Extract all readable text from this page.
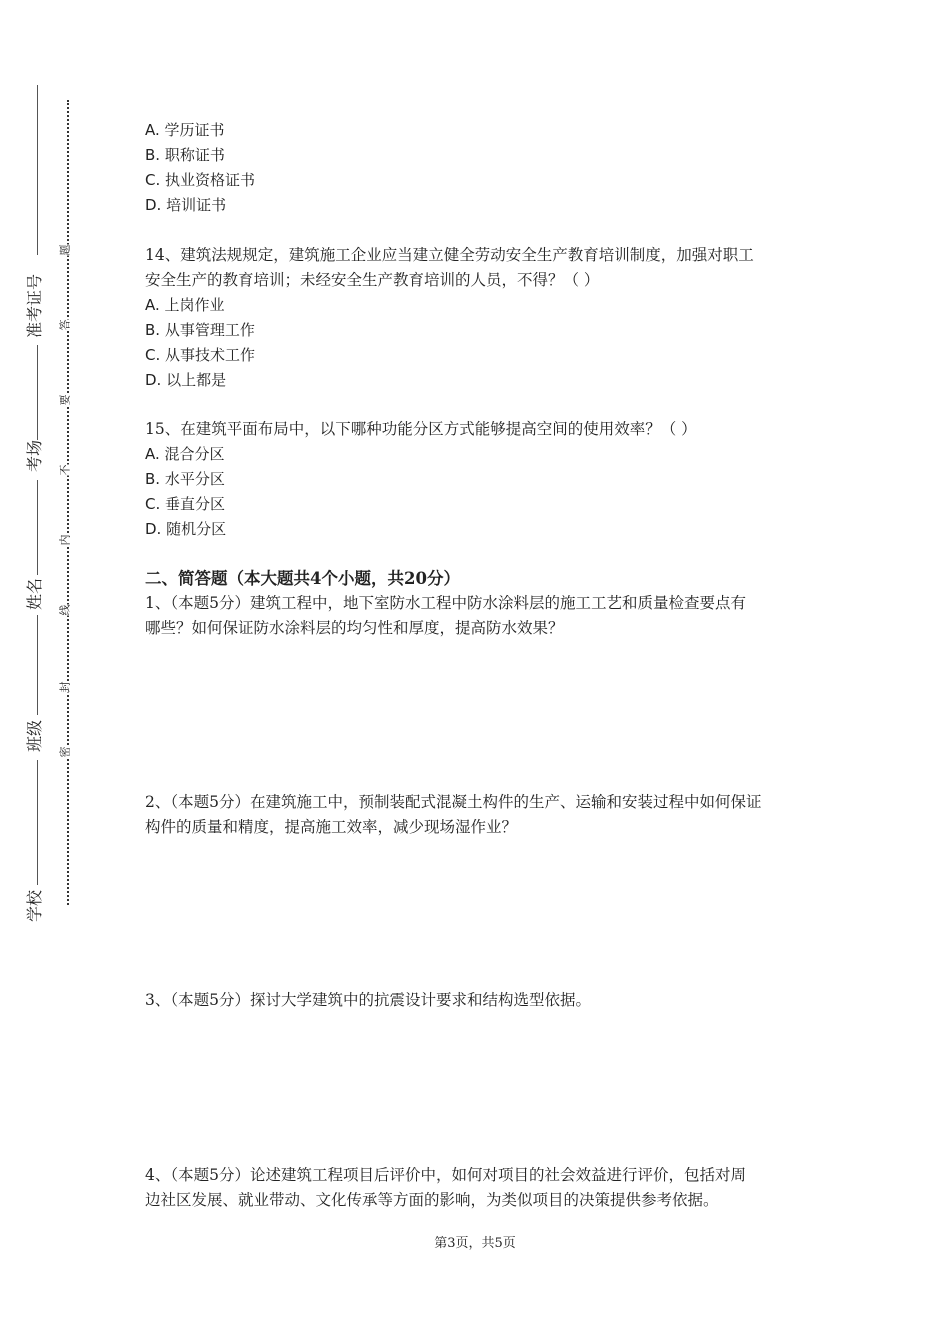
准考证号
考场
姓名
班级
学校
题
答
要
不
内
线
封
密
A. 学历证书
B. 职称证书
C. 执业资格证书
D. 培训证书
14、建筑法规规定，建筑施工企业应当建立健全劳动安全生产教育培训制度，加强对职工
安全生产的教育培训；未经安全生产教育培训的人员，不得？（ ）
A. 上岗作业
B. 从事管理工作
C. 从事技术工作
D. 以上都是
15、在建筑平面布局中，以下哪种功能分区方式能够提高空间的使用效率？（ ）
A. 混合分区
B. 水平分区
C. 垂直分区
D. 随机分区
二、简答题（本大题共4个小题，共20分）
1、（本题5分）建筑工程中，地下室防水工程中防水涂料层的施工工艺和质量检查要点有
哪些？如何保证防水涂料层的均匀性和厚度，提高防水效果？
2、（本题5分）在建筑施工中，预制装配式混凝土构件的生产、运输和安装过程中如何保证
构件的质量和精度，提高施工效率，减少现场湿作业？
3、（本题5分）探讨大学建筑中的抗震设计要求和结构选型依据。
4、（本题5分）论述建筑工程项目后评价中，如何对项目的社会效益进行评价，包括对周
边社区发展、就业带动、文化传承等方面的影响，为类似项目的决策提供参考依据。
第3页，共5页
